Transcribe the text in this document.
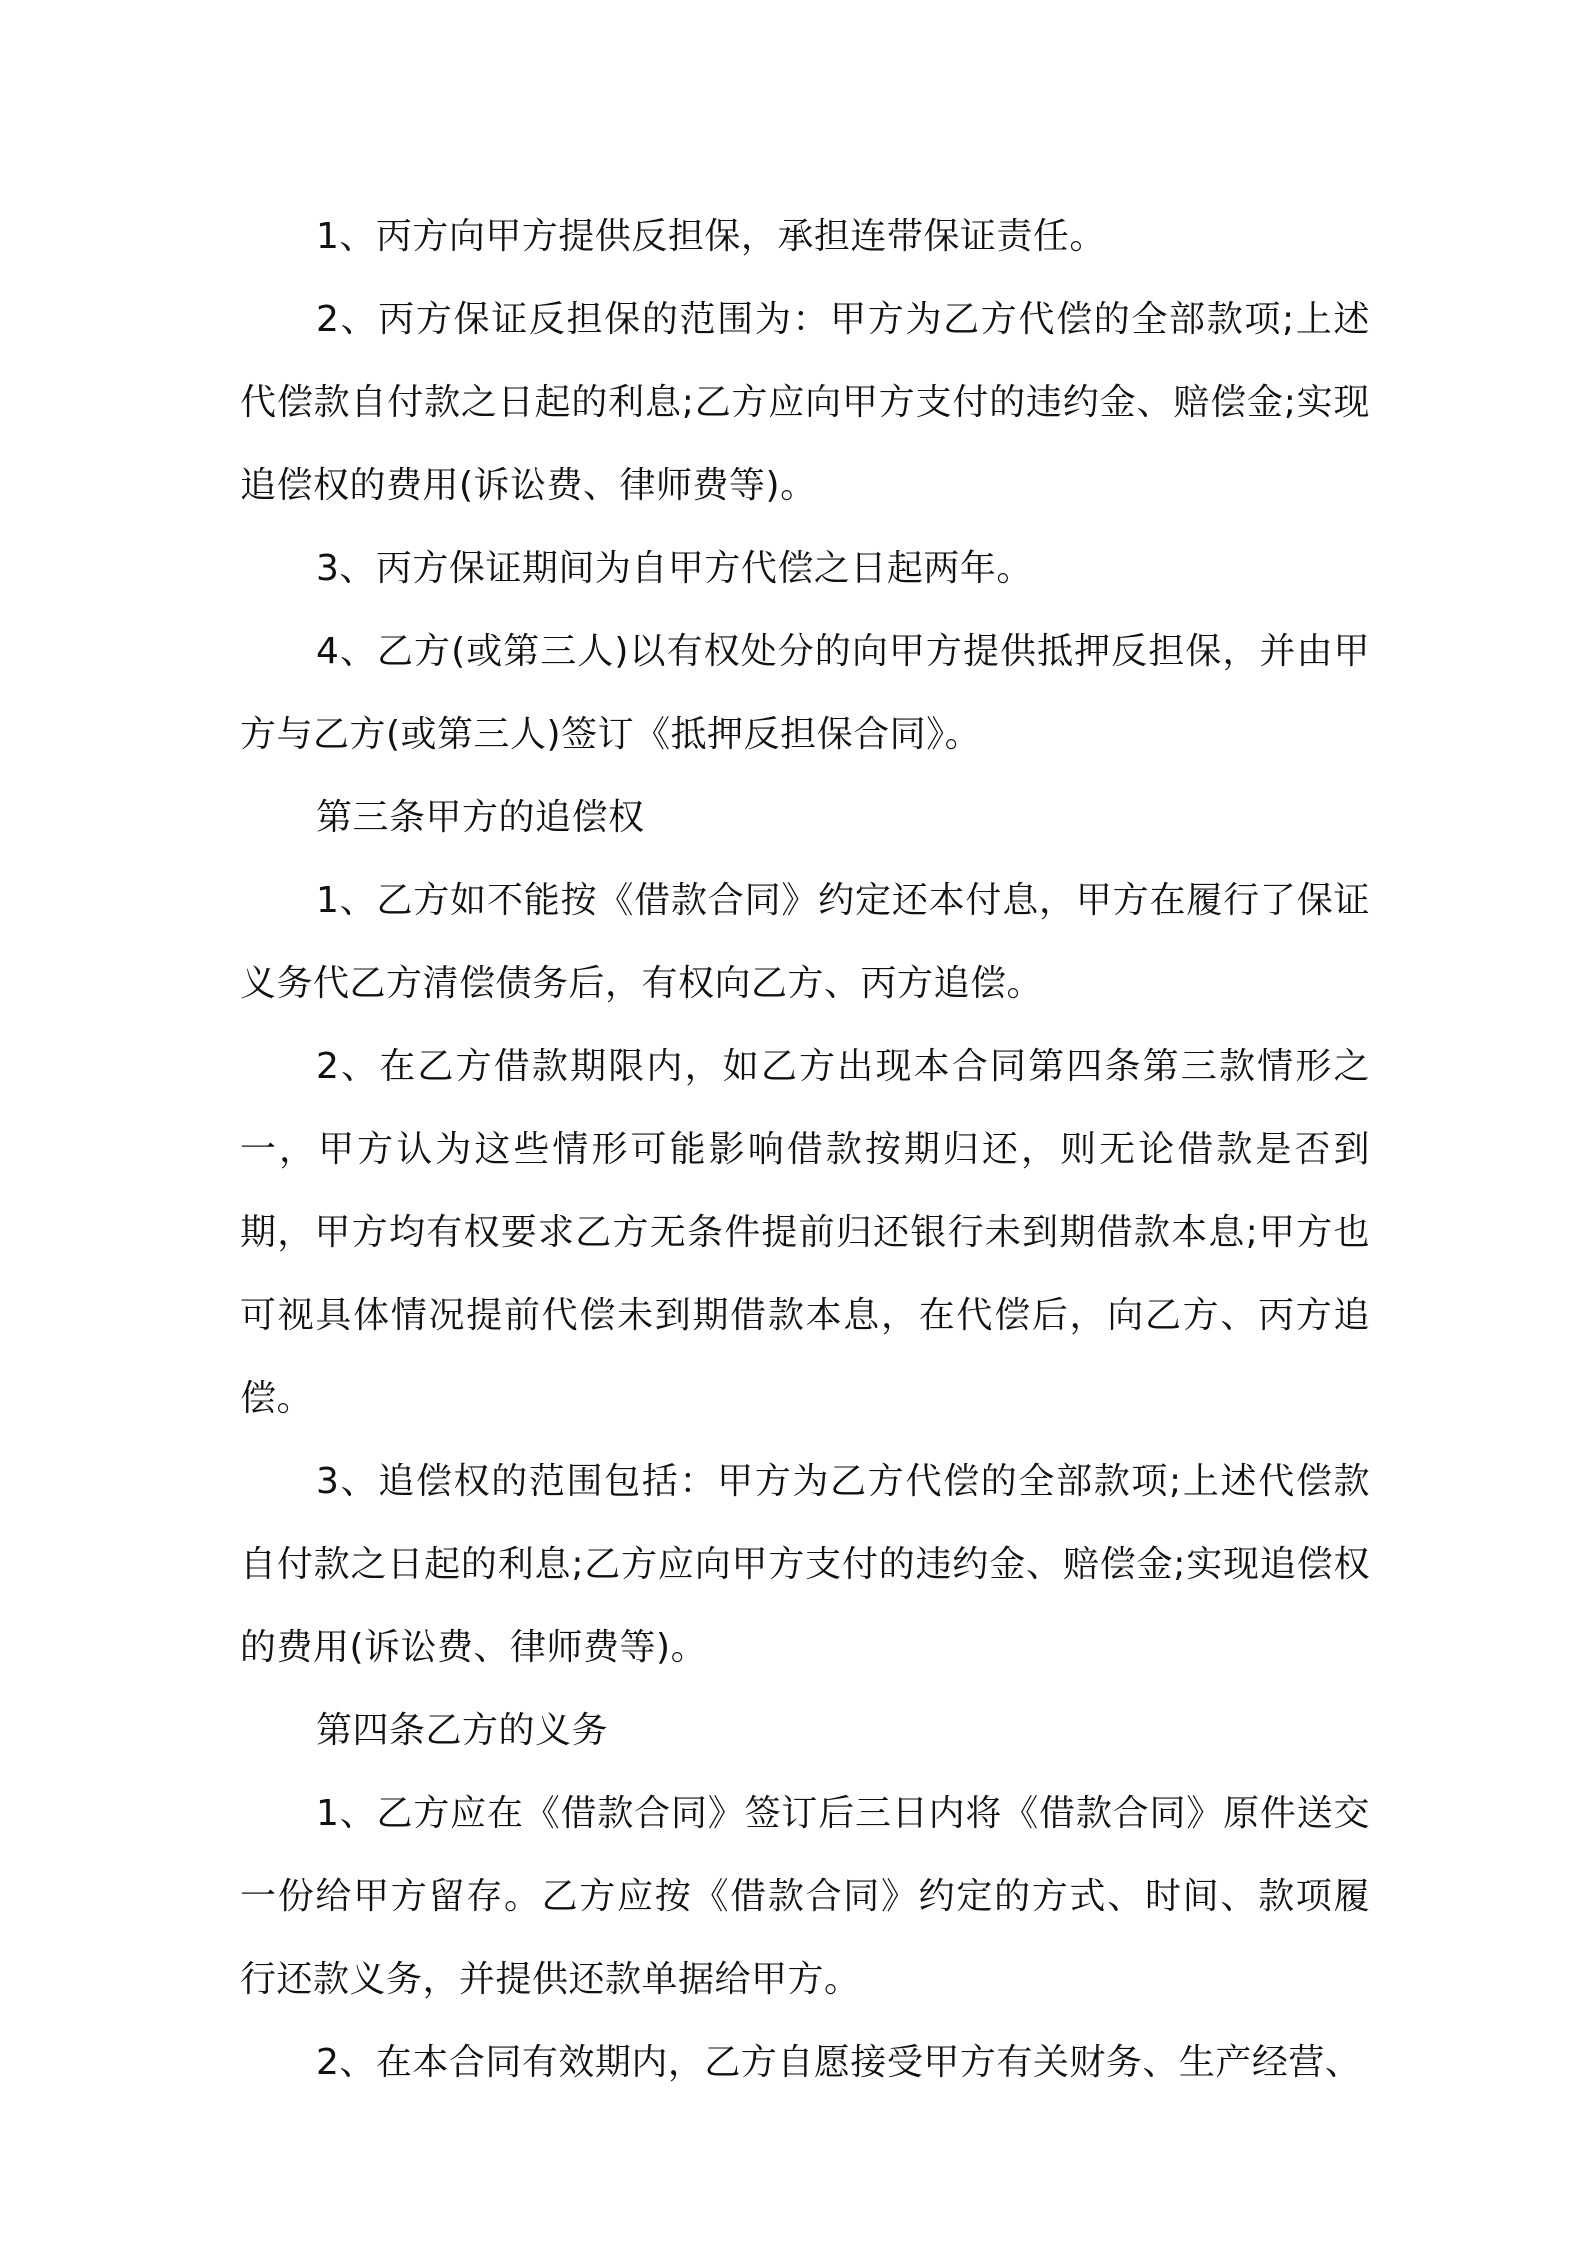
1、丙方向甲方提供反担保，承担连带保证责任。

2、丙方保证反担保的范围为：甲方为乙方代偿的全部款项;上述代偿款自付款之日起的利息;乙方应向甲方支付的违约金、赔偿金;实现追偿权的费用(诉讼费、律师费等)。

3、丙方保证期间为自甲方代偿之日起两年。

4、乙方(或第三人)以有权处分的向甲方提供抵押反担保，并由甲方与乙方(或第三人)签订《抵押反担保合同》。

第三条甲方的追偿权

1、乙方如不能按《借款合同》约定还本付息，甲方在履行了保证义务代乙方清偿债务后，有权向乙方、丙方追偿。

2、在乙方借款期限内，如乙方出现本合同第四条第三款情形之一，甲方认为这些情形可能影响借款按期归还，则无论借款是否到期，甲方均有权要求乙方无条件提前归还银行未到期借款本息;甲方也可视具体情况提前代偿未到期借款本息，在代偿后，向乙方、丙方追偿。

3、追偿权的范围包括：甲方为乙方代偿的全部款项;上述代偿款自付款之日起的利息;乙方应向甲方支付的违约金、赔偿金;实现追偿权的费用(诉讼费、律师费等)。

第四条乙方的义务

1、乙方应在《借款合同》签订后三日内将《借款合同》原件送交一份给甲方留存。乙方应按《借款合同》约定的方式、时间、款项履行还款义务，并提供还款单据给甲方。

2、在本合同有效期内，乙方自愿接受甲方有关财务、生产经营、
